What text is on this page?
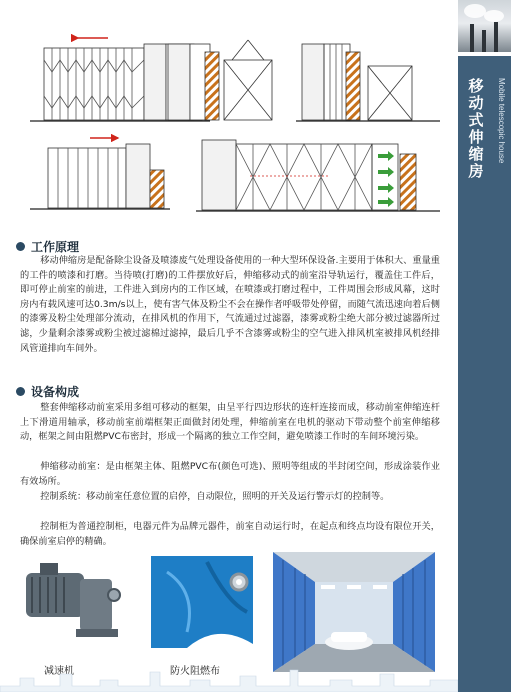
移动式伸缩房	Mobile telescopic house
工作原理
移动伸缩房是配备除尘设备及喷漆废气处理设备使用的一种大型环保设备.主要用于体积大、重量重的工件的喷漆和打磨。当待喷(打磨)的工件摆放好后，伸缩移动式的前室沿导轨运行，覆盖住工件后，即可停止前室的前进，工件进入到房内的工作区域，在喷漆或打磨过程中，工件周围会形成风幕，这时房内有载风速可达0.3m/s以上，使有害气体及粉尘不会在操作者呼吸带处停留，而随气流迅速向着后侧的漆雾及粉尘处理部分流动，在排风机的作用下，气流通过过滤器，漆雾或粉尘绝大部分被过滤器所过滤，少量剩余漆雾或粉尘被过滤棉过滤掉，最后几乎不含漆雾或粉尘的空气进入排风机室被排风机经排风管道排向车间外。
设备构成
整套伸缩移动前室采用多组可移动的框架，由呈平行四边形状的连杆连接而成，移动前室伸缩连杆上下滑道用轴承，移动前室前端框架正面做封闭处理，伸缩前室在电机的驱动下带动整个前室伸缩移动，框架之间由阻燃PVC布密封，形成一个隔离的独立工作空间，避免喷漆工作时的车间环境污染。
伸缩移动前室：是由框架主体、阻燃PVC布(颜色可选)、照明等组成的半封闭空间，形成涂装作业有效场所。
控制系统：移动前室任意位置的启停，自动限位，照明的开关及运行警示灯的控制等。
控制柜为普通控制柜，电器元件为品牌元器件，前室自动运行时，在起点和终点均设有限位开关，确保前室启停的精确。
减速机	防火阻燃布
